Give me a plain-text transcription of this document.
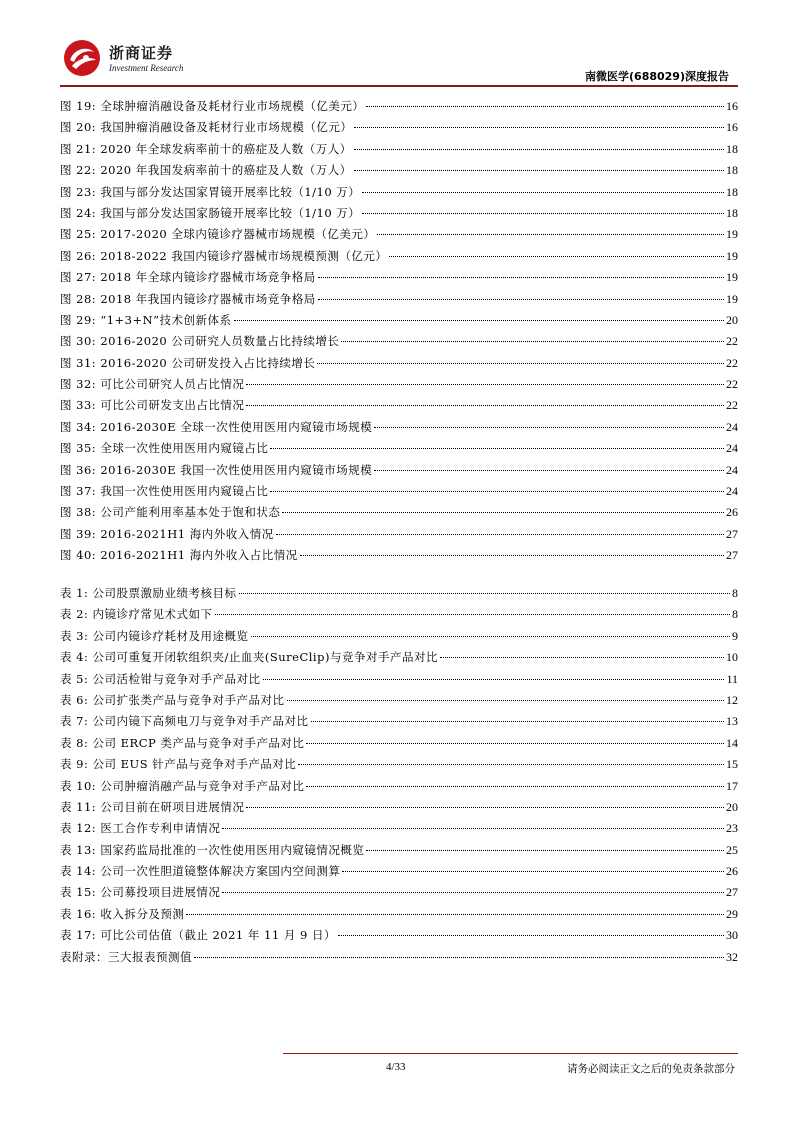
浙商证券
Investment Research
南微医学(688029)深度报告
图 19: 全球肿瘤消融设备及耗材行业市场规模（亿美元）	16
图 20: 我国肿瘤消融设备及耗材行业市场规模（亿元）	16
图 21: 2020 年全球发病率前十的癌症及人数（万人）	18
图 22: 2020 年我国发病率前十的癌症及人数（万人）	18
图 23: 我国与部分发达国家胃镜开展率比较（1/10 万）	18
图 24: 我国与部分发达国家肠镜开展率比较（1/10 万）	18
图 25: 2017-2020 全球内镜诊疗器械市场规模（亿美元）	19
图 26: 2018-2022 我国内镜诊疗器械市场规模预测（亿元）	19
图 27: 2018 年全球内镜诊疗器械市场竞争格局	19
图 28: 2018 年我国内镜诊疗器械市场竞争格局	19
图 29: “1+3+N”技术创新体系	20
图 30: 2016-2020 公司研究人员数量占比持续增长	22
图 31: 2016-2020 公司研发投入占比持续增长	22
图 32: 可比公司研究人员占比情况	22
图 33: 可比公司研发支出占比情况	22
图 34: 2016-2030E 全球一次性使用医用内窥镜市场规模	24
图 35: 全球一次性使用医用内窥镜占比	24
图 36: 2016-2030E 我国一次性使用医用内窥镜市场规模	24
图 37: 我国一次性使用医用内窥镜占比	24
图 38: 公司产能利用率基本处于饱和状态	26
图 39: 2016-2021H1 海内外收入情况	27
图 40: 2016-2021H1 海内外收入占比情况	27
表 1: 公司股票激励业绩考核目标	8
表 2: 内镜诊疗常见术式如下	8
表 3: 公司内镜诊疗耗材及用途概览	9
表 4: 公司可重复开闭软组织夹/止血夹(SureClip)与竞争对手产品对比	10
表 5: 公司活检钳与竞争对手产品对比	11
表 6: 公司扩张类产品与竞争对手产品对比	12
表 7: 公司内镜下高频电刀与竞争对手产品对比	13
表 8: 公司 ERCP 类产品与竞争对手产品对比	14
表 9: 公司 EUS 针产品与竞争对手产品对比	15
表 10: 公司肿瘤消融产品与竞争对手产品对比	17
表 11: 公司目前在研项目进展情况	20
表 12: 医工合作专利申请情况	23
表 13: 国家药监局批准的一次性使用医用内窥镜情况概览	25
表 14: 公司一次性胆道镜整体解决方案国内空间测算	26
表 15: 公司募投项目进展情况	27
表 16: 收入拆分及预测	29
表 17: 可比公司估值（截止 2021 年 11 月 9 日）	30
表附录：三大报表预测值	32
4/33	请务必阅读正文之后的免责条款部分
